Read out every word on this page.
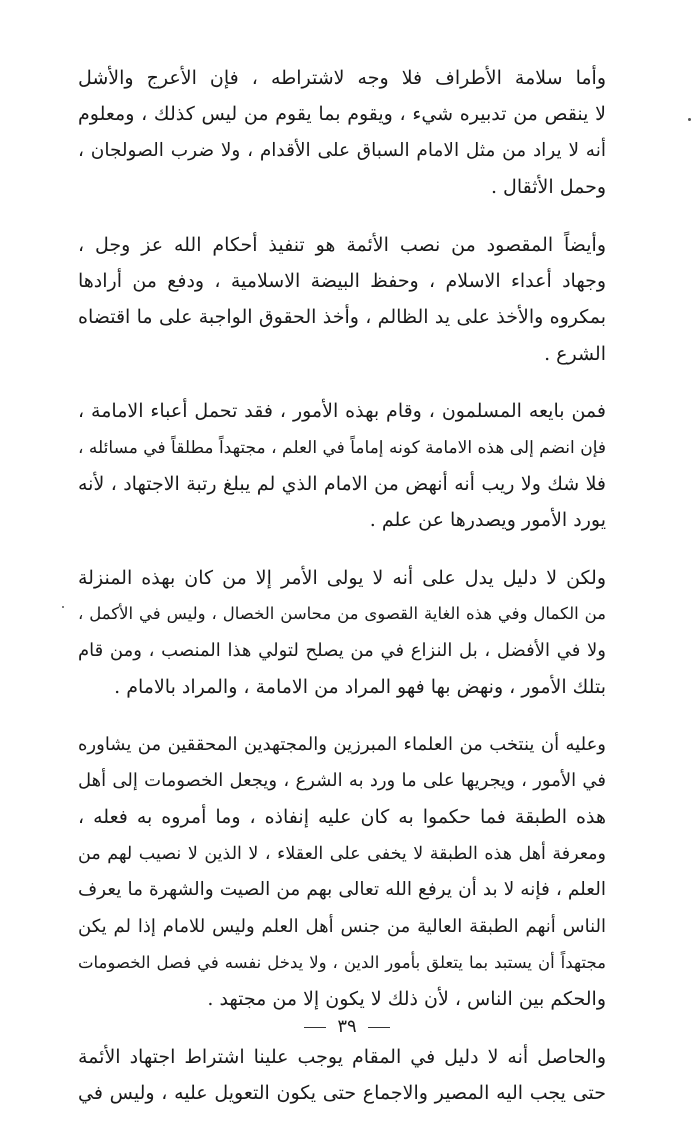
وأما سلامة الأطراف فلا وجه لاشتراطه ، فإن الأعرج والأشل
لا ينقص من تدبيره شيء ، ويقوم بما يقوم من ليس كذلك ، ومعلوم
أنه لا يراد من مثل الامام السباق على الأقدام ، ولا ضرب الصولجان ،
وحمل الأثقال .

وأيضاً المقصود من نصب الأئمة هو تنفيذ أحكام الله عز وجل ،
وجهاد أعداء الاسلام ، وحفظ البيضة الاسلامية ، ودفع من أرادها
بمكروه والأخذ على يد الظالم ، وأخذ الحقوق الواجبة على ما اقتضاه
الشرع .

فمن بايعه المسلمون ، وقام بهذه الأمور ، فقد تحمل أعباء الامامة ،
فإن انضم إلى هذه الامامة كونه إماماً في العلم ، مجتهداً مطلقاً في مسائله ،
فلا شك ولا ريب أنه أنهض من الامام الذي لم يبلغ رتبة الاجتهاد ، لأنه
يورد الأمور ويصدرها عن علم .

ولكن لا دليل يدل على أنه لا يولى الأمر إلا من كان بهذه المنزلة
من الكمال وفي هذه الغاية القصوى من محاسن الخصال ، وليس في الأكمل ،
ولا في الأفضل ، بل النزاع في من يصلح لتولي هذا المنصب ، ومن قام
بتلك الأمور ، ونهض بها فهو المراد من الامامة ، والمراد بالامام .

وعليه أن ينتخب من العلماء المبرزين والمجتهدين المحققين من يشاوره
في الأمور ، ويجريها على ما ورد به الشرع ، ويجعل الخصومات إلى أهل
هذه الطبقة فما حكموا به كان عليه إنفاذه ، وما أمروه به فعله ،
ومعرفة أهل هذه الطبقة لا يخفى على العقلاء ، لا الذين لا نصيب لهم من
العلم ، فإنه لا بد أن يرفع الله تعالى بهم من الصيت والشهرة ما يعرف
الناس أنهم الطبقة العالية من جنس أهل العلم وليس للامام إذا لم يكن
مجتهداً أن يستبد بما يتعلق بأمور الدين ، ولا يدخل نفسه في فصل الخصومات
والحكم بين الناس ، لأن ذلك لا يكون إلا من مجتهد .

والحاصل أنه لا دليل في المقام يوجب علينا اشتراط اجتهاد الأئمة
حتى يجب اليه المصير والاجماع حتى يكون التعويل عليه ، وليس في

٣٩
